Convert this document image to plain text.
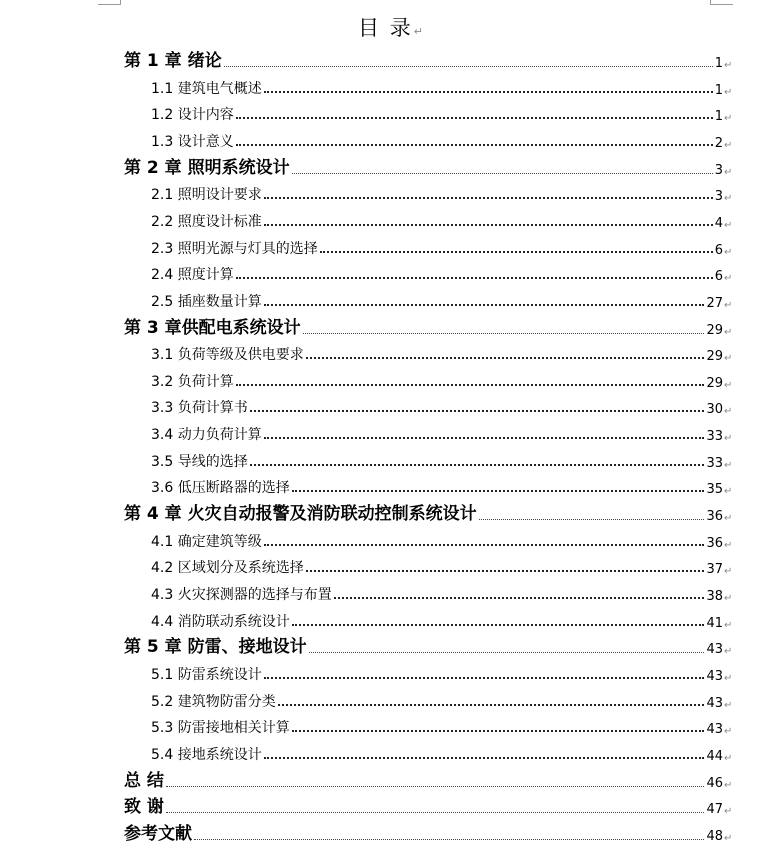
目 录↵
第 1 章 绪论	1 ↵
1.1 建筑电气概述	1 ↵
1.2 设计内容	1 ↵
1.3 设计意义	2 ↵
第 2 章 照明系统设计	3 ↵
2.1 照明设计要求	3 ↵
2.2 照度设计标准	4 ↵
2.3 照明光源与灯具的选择	6 ↵
2.4 照度计算	6 ↵
2.5 插座数量计算	27 ↵
第 3 章供配电系统设计	29 ↵
3.1 负荷等级及供电要求	29 ↵
3.2 负荷计算	29 ↵
3.3 负荷计算书	30 ↵
3.4 动力负荷计算	33 ↵
3.5 导线的选择	33 ↵
3.6 低压断路器的选择	35 ↵
第 4 章 火灾自动报警及消防联动控制系统设计	36 ↵
4.1 确定建筑等级	36 ↵
4.2 区域划分及系统选择	37 ↵
4.3 火灾探测器的选择与布置	38 ↵
4.4 消防联动系统设计	41 ↵
第 5 章 防雷、接地设计	43 ↵
5.1 防雷系统设计	43 ↵
5.2 建筑物防雷分类	43 ↵
5.3 防雷接地相关计算	43 ↵
5.4 接地系统设计	44 ↵
总 结	46 ↵
致 谢	47 ↵
参考文献	48 ↵
